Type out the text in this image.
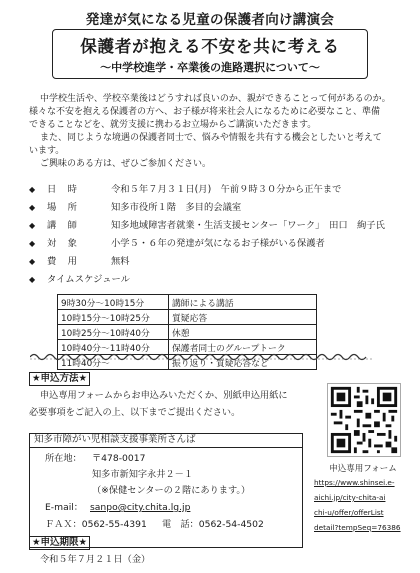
発達が気になる児童の保護者向け講演会
保護者が抱える不安を共に考える
～中学校進学・卒業後の進路選択について～
中学校生活や、学校卒業後はどうすれば良いのか、親ができることって何があるのか。
様々な不安を抱える保護者の方へ、お子様が将来社会人になるために必要なこと、準備
できることなどを、就労支援に携わるお立場からご講演いただきます。
また、同じような境遇の保護者同士で、悩みや情報を共有する機会としたいと考えて
います。
ご興味のある方は、ぜひご参加ください。
◆	日　時	令和５年７月３１日(月)　午前９時３０分から正午まで
◆	場　所	知多市役所１階　多目的会議室
◆	講　師	知多地域障害者就業・生活支援センター「ワーク」　田口　絢子氏
◆	対　象	小学５・６年の発達が気になるお子様がいる保護者
◆	費　用	無料
◆	タイムスケジュール
9時30分～10時15分	講師による講話
10時15分～10時25分	質疑応答
10時25分～10時40分	休憩
10時40分～11時40分	保護者同士のグループトーク
11時40分～	振り返り・質疑応答など
★申込方法★
申込専用フォームからお申込みいただくか、別紙申込用紙に
必要事項をご記入の上、以下までご提出ください。
知多市障がい児相談支援事業所さんば
所在地： 〒478-0017
知多市新知字永井２－１
（※保健センターの２階にあります。）
E-mail： sanpo@city.chita.lg.jp
ＦＡＸ：0562-55-4391 電　話：0562-54-4502
申込専用フォーム
https://www.shinsei.e-
aichi.jp/city-chita-ai
chi-u/offer/offerList
detail?tempSeq=76386
★申込期限★
令和５年７月２１日（金）
